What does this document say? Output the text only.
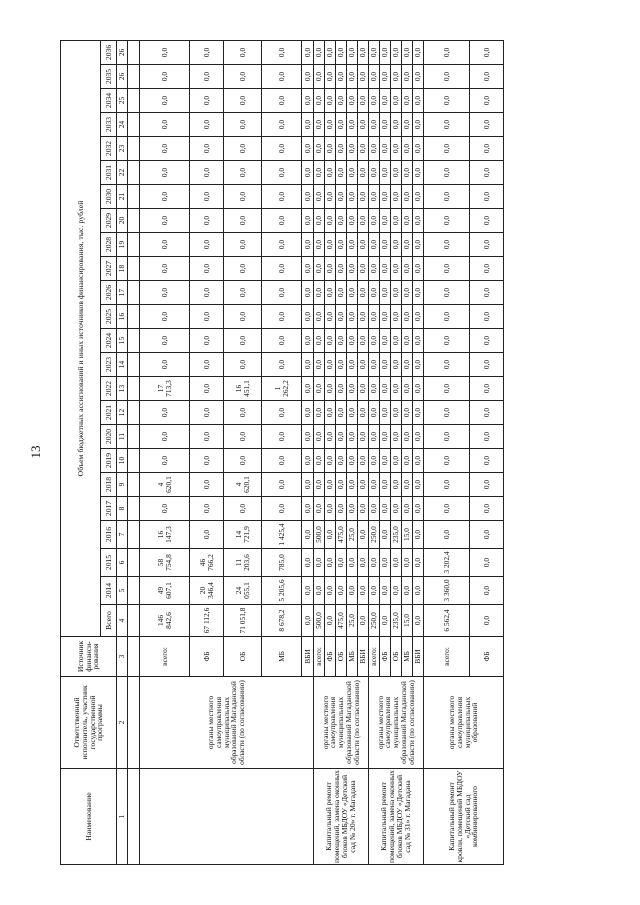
13
Наименование	Ответственный исполнитель, участник государственной программы	Источник финанси-рования	Объем бюджетных ассигнований и иных источников финансирования, тыс. рублей																							
			Всего	2014	2015	2016	2017	2018	2019	2020	2021	2022	2023	2024	2025	2026	2027	2028	2029	2030	2031	2032	2033	2034	2035	2036
1	2	3	4	5	6	7	8	9	10	11	12	13	14	15	16	17	18	19	20	21	22	23	24	25	26	26

	органы местного самоуправления муниципальных образований Магаданской области (по согласованию)	всего:	146 842,6	49 607,1	58 754,8	16 147,3	0,0	4 620,1	0,0	0,0	0,0	17 713,3	0,0	0,0	0,0	0,0	0,0	0,0	0,0	0,0	0,0	0,0	0,0	0,0	0,0	0,0
		ФБ	67 112,6	20 346,4	46 766,2	0,0	0,0	0,0	0,0	0,0	0,0	0,0	0,0	0,0	0,0	0,0	0,0	0,0	0,0	0,0	0,0	0,0	0,0	0,0	0,0	0,0
		ОБ	71 051,8	24 055,1	11 203,6	14 721,9	0,0	4 620,1	0,0	0,0	0,0	16 451,1	0,0	0,0	0,0	0,0	0,0	0,0	0,0	0,0	0,0	0,0	0,0	0,0	0,0	0,0
		МБ	8 678,2	5 205,6	785,0	1 425,4	0,0	0,0	0,0	0,0	0,0	1 262,2	0,0	0,0	0,0	0,0	0,0	0,0	0,0	0,0	0,0	0,0	0,0	0,0	0,0	0,0
		ВБИ	0,0	0,0	0,0	0,0	0,0	0,0	0,0	0,0	0,0	0,0	0,0	0,0	0,0	0,0	0,0	0,0	0,0	0,0	0,0	0,0	0,0	0,0	0,0	0,0
Капитальный ремонт помещений, замена оконных блоков МБДОУ «Детский сад № 20» г. Магадана	органы местного самоуправления муниципальных образований Магаданской области (по согласованию)	всего:	500,0	0,0	0,0	500,0	0,0	0,0	0,0	0,0	0,0	0,0	0,0	0,0	0,0	0,0	0,0	0,0	0,0	0,0	0,0	0,0	0,0	0,0	0,0	0,0
		ФБ	0,0	0,0	0,0	0,0	0,0	0,0	0,0	0,0	0,0	0,0	0,0	0,0	0,0	0,0	0,0	0,0	0,0	0,0	0,0	0,0	0,0	0,0	0,0	0,0
		ОБ	475,0	0,0	0,0	475,0	0,0	0,0	0,0	0,0	0,0	0,0	0,0	0,0	0,0	0,0	0,0	0,0	0,0	0,0	0,0	0,0	0,0	0,0	0,0	0,0
		МБ	25,0	0,0	0,0	25,0	0,0	0,0	0,0	0,0	0,0	0,0	0,0	0,0	0,0	0,0	0,0	0,0	0,0	0,0	0,0	0,0	0,0	0,0	0,0	0,0
		ВБИ	0,0	0,0	0,0	0,0	0,0	0,0	0,0	0,0	0,0	0,0	0,0	0,0	0,0	0,0	0,0	0,0	0,0	0,0	0,0	0,0	0,0	0,0	0,0	0,0
Капитальный ремонт помещений, замена оконных блоков МБДОУ «Детский сад № 31» г. Магадана	органы местного самоуправления муниципальных образований Магаданской области (по согласованию)	всего:	250,0	0,0	0,0	250,0	0,0	0,0	0,0	0,0	0,0	0,0	0,0	0,0	0,0	0,0	0,0	0,0	0,0	0,0	0,0	0,0	0,0	0,0	0,0	0,0
		ФБ	0,0	0,0	0,0	0,0	0,0	0,0	0,0	0,0	0,0	0,0	0,0	0,0	0,0	0,0	0,0	0,0	0,0	0,0	0,0	0,0	0,0	0,0	0,0	0,0
		ОБ	235,0	0,0	0,0	235,0	0,0	0,0	0,0	0,0	0,0	0,0	0,0	0,0	0,0	0,0	0,0	0,0	0,0	0,0	0,0	0,0	0,0	0,0	0,0	0,0
		МБ	15,0	0,0	0,0	15,0	0,0	0,0	0,0	0,0	0,0	0,0	0,0	0,0	0,0	0,0	0,0	0,0	0,0	0,0	0,0	0,0	0,0	0,0	0,0	0,0
		ВБИ	0,0	0,0	0,0	0,0	0,0	0,0	0,0	0,0	0,0	0,0	0,0	0,0	0,0	0,0	0,0	0,0	0,0	0,0	0,0	0,0	0,0	0,0	0,0	0,0
Капитальный ремонт кровли, помещений МБДОУ «Детский сад комбинированного	органы местного самоуправления муниципальных образований	всего:	6 562,4	3 360,0	3 202,4	0,0	0,0	0,0	0,0	0,0	0,0	0,0	0,0	0,0	0,0	0,0	0,0	0,0	0,0	0,0	0,0	0,0	0,0	0,0	0,0	0,0
		ФБ	0,0	0,0	0,0	0,0	0,0	0,0	0,0	0,0	0,0	0,0	0,0	0,0	0,0	0,0	0,0	0,0	0,0	0,0	0,0	0,0	0,0	0,0	0,0	0,0
